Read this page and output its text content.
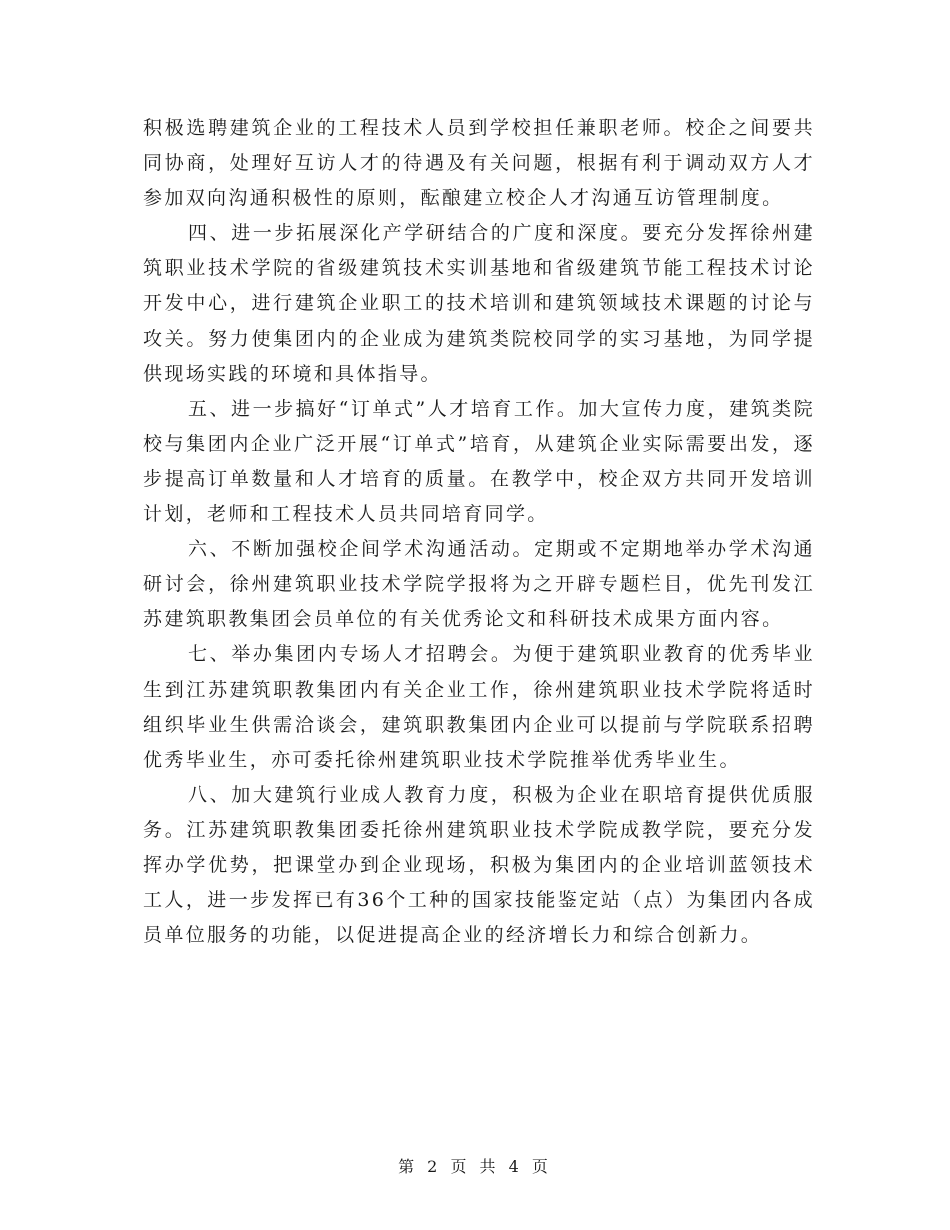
积极选聘建筑企业的工程技术人员到学校担任兼职老师。校企之间要共同协商，处理好互访人才的待遇及有关问题，根据有利于调动双方人才参加双向沟通积极性的原则，酝酿建立校企人才沟通互访管理制度。

四、进一步拓展深化产学研结合的广度和深度。要充分发挥徐州建筑职业技术学院的省级建筑技术实训基地和省级建筑节能工程技术讨论开发中心，进行建筑企业职工的技术培训和建筑领域技术课题的讨论与攻关。努力使集团内的企业成为建筑类院校同学的实习基地，为同学提供现场实践的环境和具体指导。

五、进一步搞好“订单式”人才培育工作。加大宣传力度，建筑类院校与集团内企业广泛开展“订单式”培育，从建筑企业实际需要出发，逐步提高订单数量和人才培育的质量。在教学中，校企双方共同开发培训计划，老师和工程技术人员共同培育同学。

六、不断加强校企间学术沟通活动。定期或不定期地举办学术沟通研讨会，徐州建筑职业技术学院学报将为之开辟专题栏目，优先刊发江苏建筑职教集团会员单位的有关优秀论文和科研技术成果方面内容。

七、举办集团内专场人才招聘会。为便于建筑职业教育的优秀毕业生到江苏建筑职教集团内有关企业工作，徐州建筑职业技术学院将适时组织毕业生供需洽谈会，建筑职教集团内企业可以提前与学院联系招聘优秀毕业生，亦可委托徐州建筑职业技术学院推举优秀毕业生。

八、加大建筑行业成人教育力度，积极为企业在职培育提供优质服务。江苏建筑职教集团委托徐州建筑职业技术学院成教学院，要充分发挥办学优势，把课堂办到企业现场，积极为集团内的企业培训蓝领技术工人，进一步发挥已有36个工种的国家技能鉴定站（点）为集团内各成员单位服务的功能，以促进提高企业的经济增长力和综合创新力。

第 2 页 共 4 页
